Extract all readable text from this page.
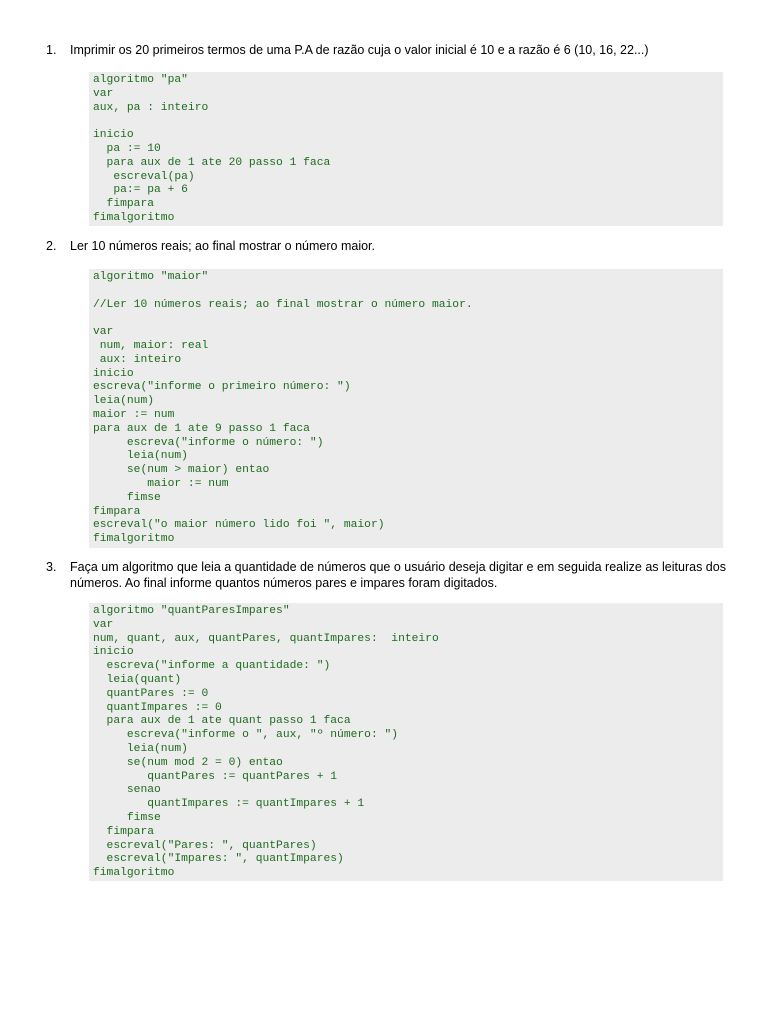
1. Imprimir os 20 primeiros termos de uma P.A de razão cuja o valor inicial é 10 e a razão é 6 (10, 16, 22...)
algoritmo "pa"
var
aux, pa : inteiro
inicio
pa := 10
para aux de 1 ate 20 passo 1 faca
escreval(pa)
pa:= pa + 6
fimpara
fimalgoritmo
2. Ler 10 números reais; ao final mostrar o número maior.
algoritmo "maior"
//Ler 10 números reais; ao final mostrar o número maior.
var
num, maior: real
aux: inteiro
inicio
escreva("informe o primeiro número: ")
leia(num)
maior := num
para aux de 1 ate 9 passo 1 faca
escreva("informe o número: ")
leia(num)
se(num > maior) entao
maior := num
fimse
fimpara
escreval("o maior número lido foi ", maior)
fimalgoritmo
3. Faça um algoritmo que leia a quantidade de números que o usuário deseja digitar e em seguida realize as leituras dos números. Ao final informe quantos números pares e impares foram digitados.
algoritmo "quantParesImpares"
var
num, quant, aux, quantPares, quantImpares:  inteiro
inicio
escreva("informe a quantidade: ")
leia(quant)
quantPares := 0
quantImpares := 0
para aux de 1 ate quant passo 1 faca
escreva("informe o ", aux, "º número: ")
leia(num)
se(num mod 2 = 0) entao
quantPares := quantPares + 1
senao
quantImpares := quantImpares + 1
fimse
fimpara
escreval("Pares: ", quantPares)
escreval("Impares: ", quantImpares)
fimalgoritmo
